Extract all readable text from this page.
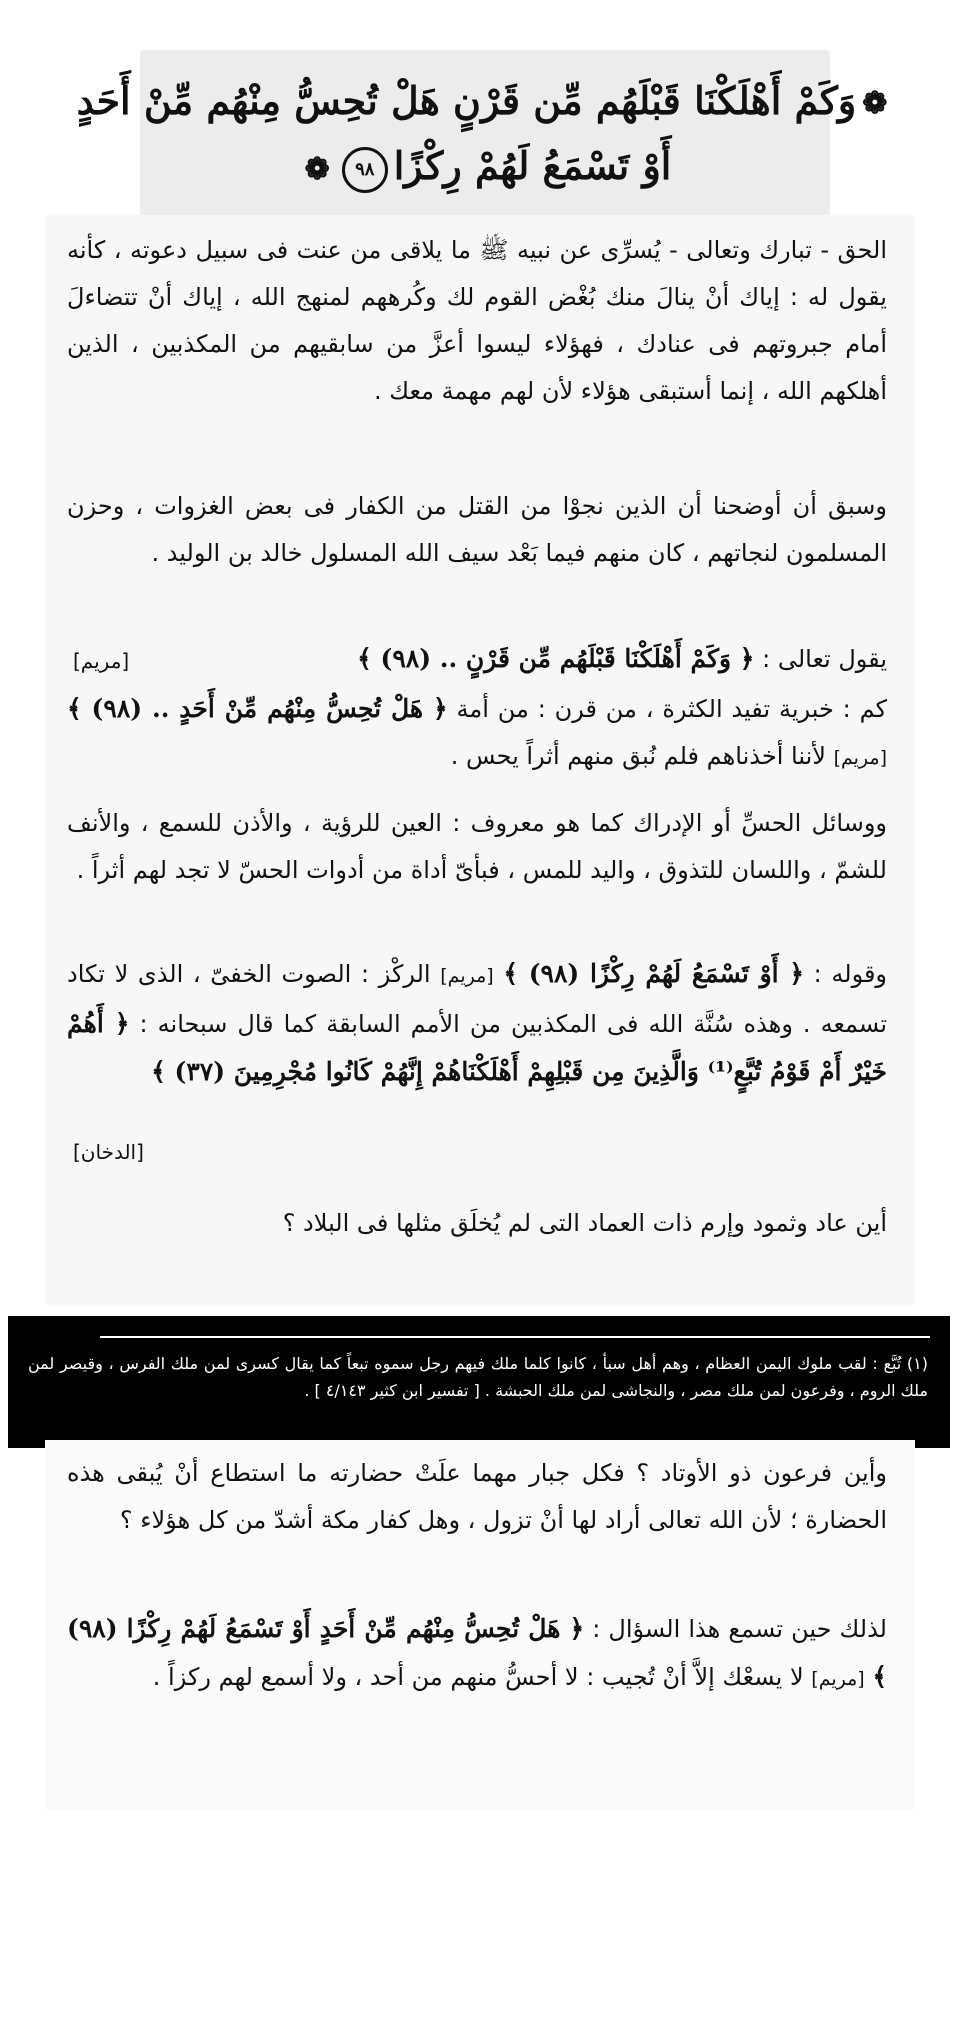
❁وَكَمْ أَهْلَكْنَا قَبْلَهُم مِّن قَرْنٍ هَلْ تُحِسُّ مِنْهُم مِّنْ أَحَدٍ
أَوْ تَسْمَعُ لَهُمْ رِكْزًا٩٨❁

الحق - تبارك وتعالى - يُسرِّى عن نبيه ﷺ ما يلاقى من عنت فى سبيل دعوته ، كأنه يقول له : إياك أنْ ينالَ منك بُغْض القوم لك وكُرههم لمنهج الله ، إياك أنْ تتضاءلَ أمام جبروتهم فى عنادك ، فهؤلاء ليسوا أعزَّ من سابقيهم من المكذبين ، الذين أهلكهم الله ، إنما أستبقى هؤلاء لأن لهم مهمة معك .

وسبق أن أوضحنا أن الذين نجوْا من القتل من الكفار فى بعض الغزوات ، وحزن المسلمون لنجاتهم ، كان منهم فيما بَعْد سيف الله المسلول خالد بن الوليد .

يقول تعالى : ﴿ وَكَمْ أَهْلَكْنَا قَبْلَهُم مِّن قَرْنٍ .. (٩٨) ﴾

[مريم]

كم : خبرية تفيد الكثرة ، من قرن : من أمة ﴿ هَلْ تُحِسُّ مِنْهُم مِّنْ أَحَدٍ .. (٩٨) ﴾ [مريم] لأننا أخذناهم فلم نُبق منهم أثراً يحس .

ووسائل الحسِّ أو الإدراك كما هو معروف : العين للرؤية ، والأذن للسمع ، والأنف للشمّ ، واللسان للتذوق ، واليد للمس ، فبأىّ أداة من أدوات الحسّ لا تجد لهم أثراً .

وقوله : ﴿ أَوْ تَسْمَعُ لَهُمْ رِكْزًا (٩٨) ﴾ [مريم] الركْز : الصوت الخفىّ ، الذى لا تكاد تسمعه . وهذه سُنَّة الله فى المكذبين من الأمم السابقة كما قال سبحانه : ﴿ أَهُمْ خَيْرٌ أَمْ قَوْمُ تُبَّعٍ⁽¹⁾ وَالَّذِينَ مِن قَبْلِهِمْ أَهْلَكْنَاهُمْ إِنَّهُمْ كَانُوا مُجْرِمِينَ (٣٧) ﴾

[الدخان]

أين عاد وثمود وإرم ذات العماد التى لم يُخلَق مثلها فى البلاد ؟

(١) تُبَّع : لقب ملوك اليمن العظام ، وهم أهل سبأ ، كانوا كلما ملك فيهم رجل سموه تبعاً كما يقال كسرى لمن ملك الفرس ، وقيصر لمن ملك الروم ، وفرعون لمن ملك مصر ، والنجاشى لمن ملك الحبشة . [ تفسير ابن كثير ٤/١٤٣ ] .

وأين فرعون ذو الأوتاد ؟ فكل جبار مهما علَتْ حضارته ما استطاع أنْ يُبقى هذه الحضارة ؛ لأن الله تعالى أراد لها أنْ تزول ، وهل كفار مكة أشدّ من كل هؤلاء ؟

لذلك حين تسمع هذا السؤال : ﴿ هَلْ تُحِسُّ مِنْهُم مِّنْ أَحَدٍ أَوْ تَسْمَعُ لَهُمْ رِكْزًا (٩٨) ﴾ [مريم] لا يسعْك إلاَّ أنْ تُجيب : لا أحسُّ منهم من أحد ، ولا أسمع لهم ركزاً .
